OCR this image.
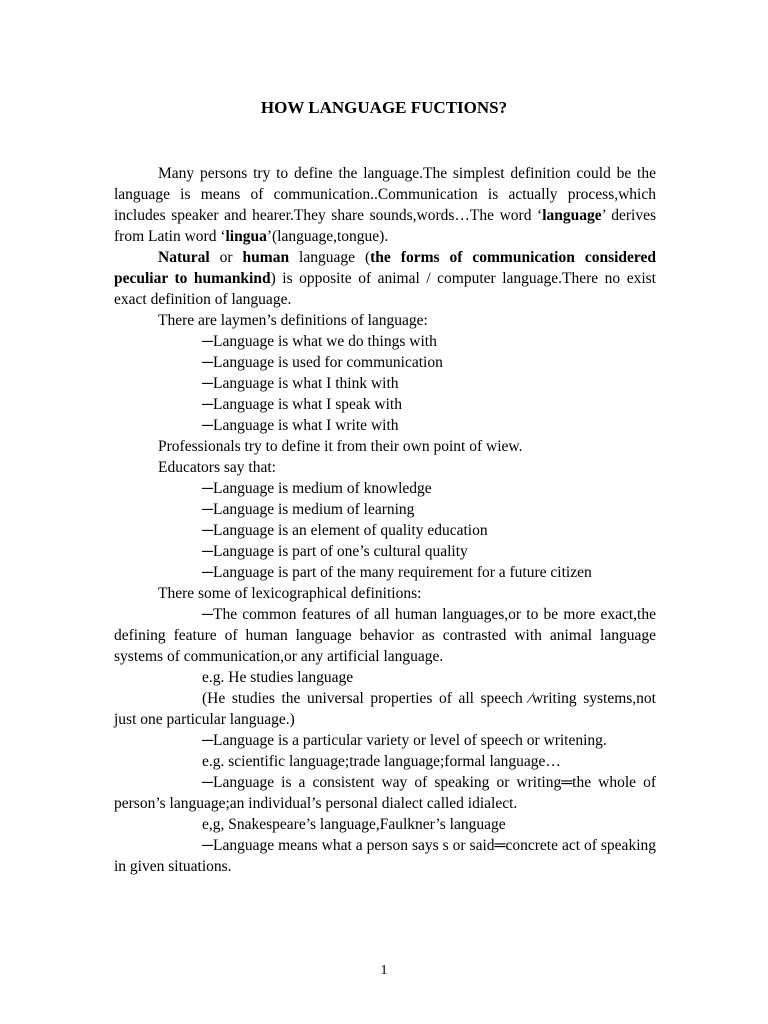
HOW LANGUAGE FUCTIONS?

Many persons try to define the language.The simplest definition could be the language is means of communication..Communication is actually process,which includes speaker and hearer.They share sounds,words…The word ‘language’ derives from Latin word ‘lingua’(language,tongue).

Natural or human language (the forms of communication considered peculiar to humankind) is opposite of animal / computer language.There no exist exact definition of language.

There are laymen’s definitions of language:

─Language is what we do things with

─Language is used for communication

─Language is what I think with

─Language is what I speak with

─Language is what I write with

Professionals try to define it from their own point of wiew.

Educators say that:

─Language is medium of knowledge

─Language is medium of learning

─Language is an element of quality education

─Language is part of one’s cultural quality

─Language is part of the many requirement for a future citizen

There some of lexicographical definitions:

─The common features of all human languages,or to be more exact,the defining feature of human language behavior as contrasted with animal language systems of communication,or any artificial language.

e.g. He studies language

(He studies the universal properties of all speech ⁄writing systems,not just one particular language.)

─Language is a particular variety or level of speech or writening.

e.g. scientific language;trade language;formal language…

─Language is a consistent way of speaking or writing═the whole of person’s language;an individual’s personal dialect called idialect.

e,g, Snakespeare’s language,Faulkner’s language

─Language means what a person says s or said═concrete act of speaking in given situations.

1
